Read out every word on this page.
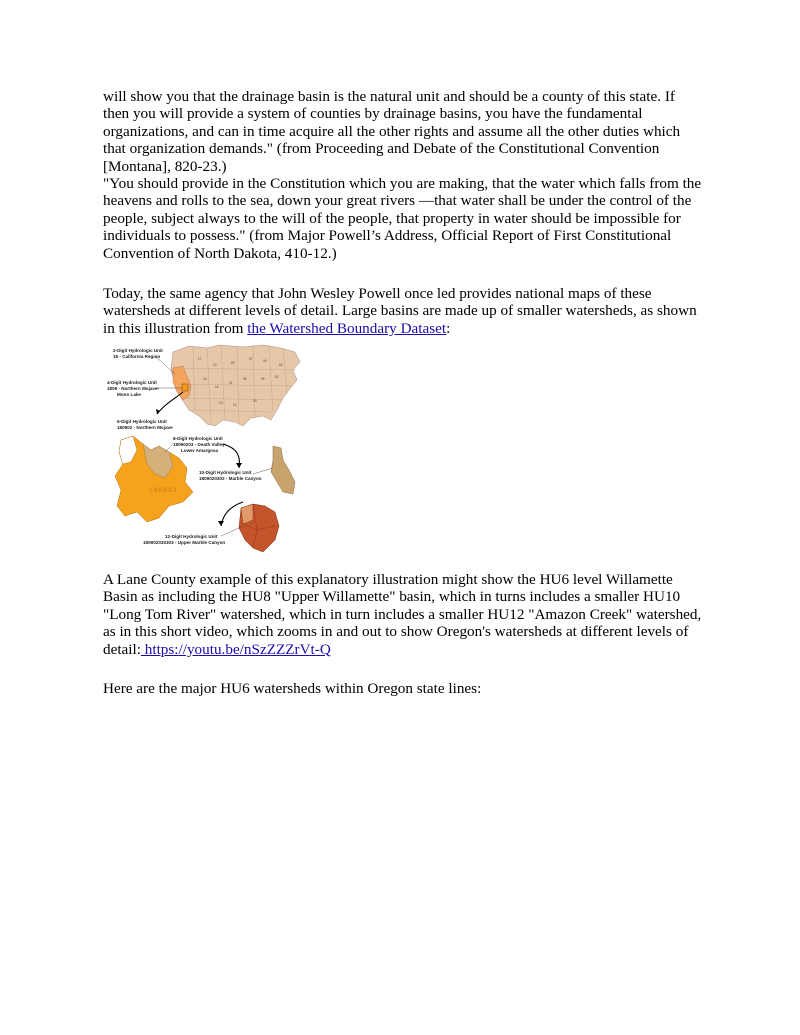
will show you that the drainage basin is the natural unit and should be a county of this state. If then you will provide a system of counties by drainage basins, you have the fundamental organizations, and can in time acquire all the other rights and assume all the other duties which that organization demands." (from Proceeding and Debate of the Constitutional Convention [Montana], 820-23.)

"You should provide in the Constitution which you are making, that the water which falls from the heavens and rolls to the sea, down your great rivers —that water shall be under the control of the people, subject always to the will of the people, that property in water should be impossible for individuals to possess." (from Major Powell’s Address, Official Report of First Constitutional Convention of North Dakota, 410-12.)

Today, the same agency that John Wesley Powell once led provides national maps of these watersheds at different levels of detail. Large basins are made up of smaller watersheds, as shown in this illustration from the Watershed Boundary Dataset:

17
10	09
07	04
01
16
14
11
08	05	02
13	12
03
2-Digit Hydrologic Unit
18 - California Region
4-Digit Hydrologic Unit
1809 - Northern Mojave-
Mono Lake
6-Digit Hydrologic Unit
180902 - Northern Mojave
180902
8-Digit Hydrologic Unit
18090203 - Death Valley-
Lower Amargosa
10-Digit Hydrologic Unit
1809020303 - Marble Canyon
12-Digit Hydrologic Unit
180902030303 - Upper Marble Canyon

A Lane County example of this explanatory illustration might show the HU6 level Willamette Basin as including the HU8 "Upper Willamette" basin, which in turns includes a smaller HU10 "Long Tom River" watershed, which in turn includes a smaller HU12 "Amazon Creek" watershed, as in this short video, which zooms in and out to show Oregon's watersheds at different levels of detail: https://youtu.be/nSzZZZrVt-Q

Here are the major HU6 watersheds within Oregon state lines:
